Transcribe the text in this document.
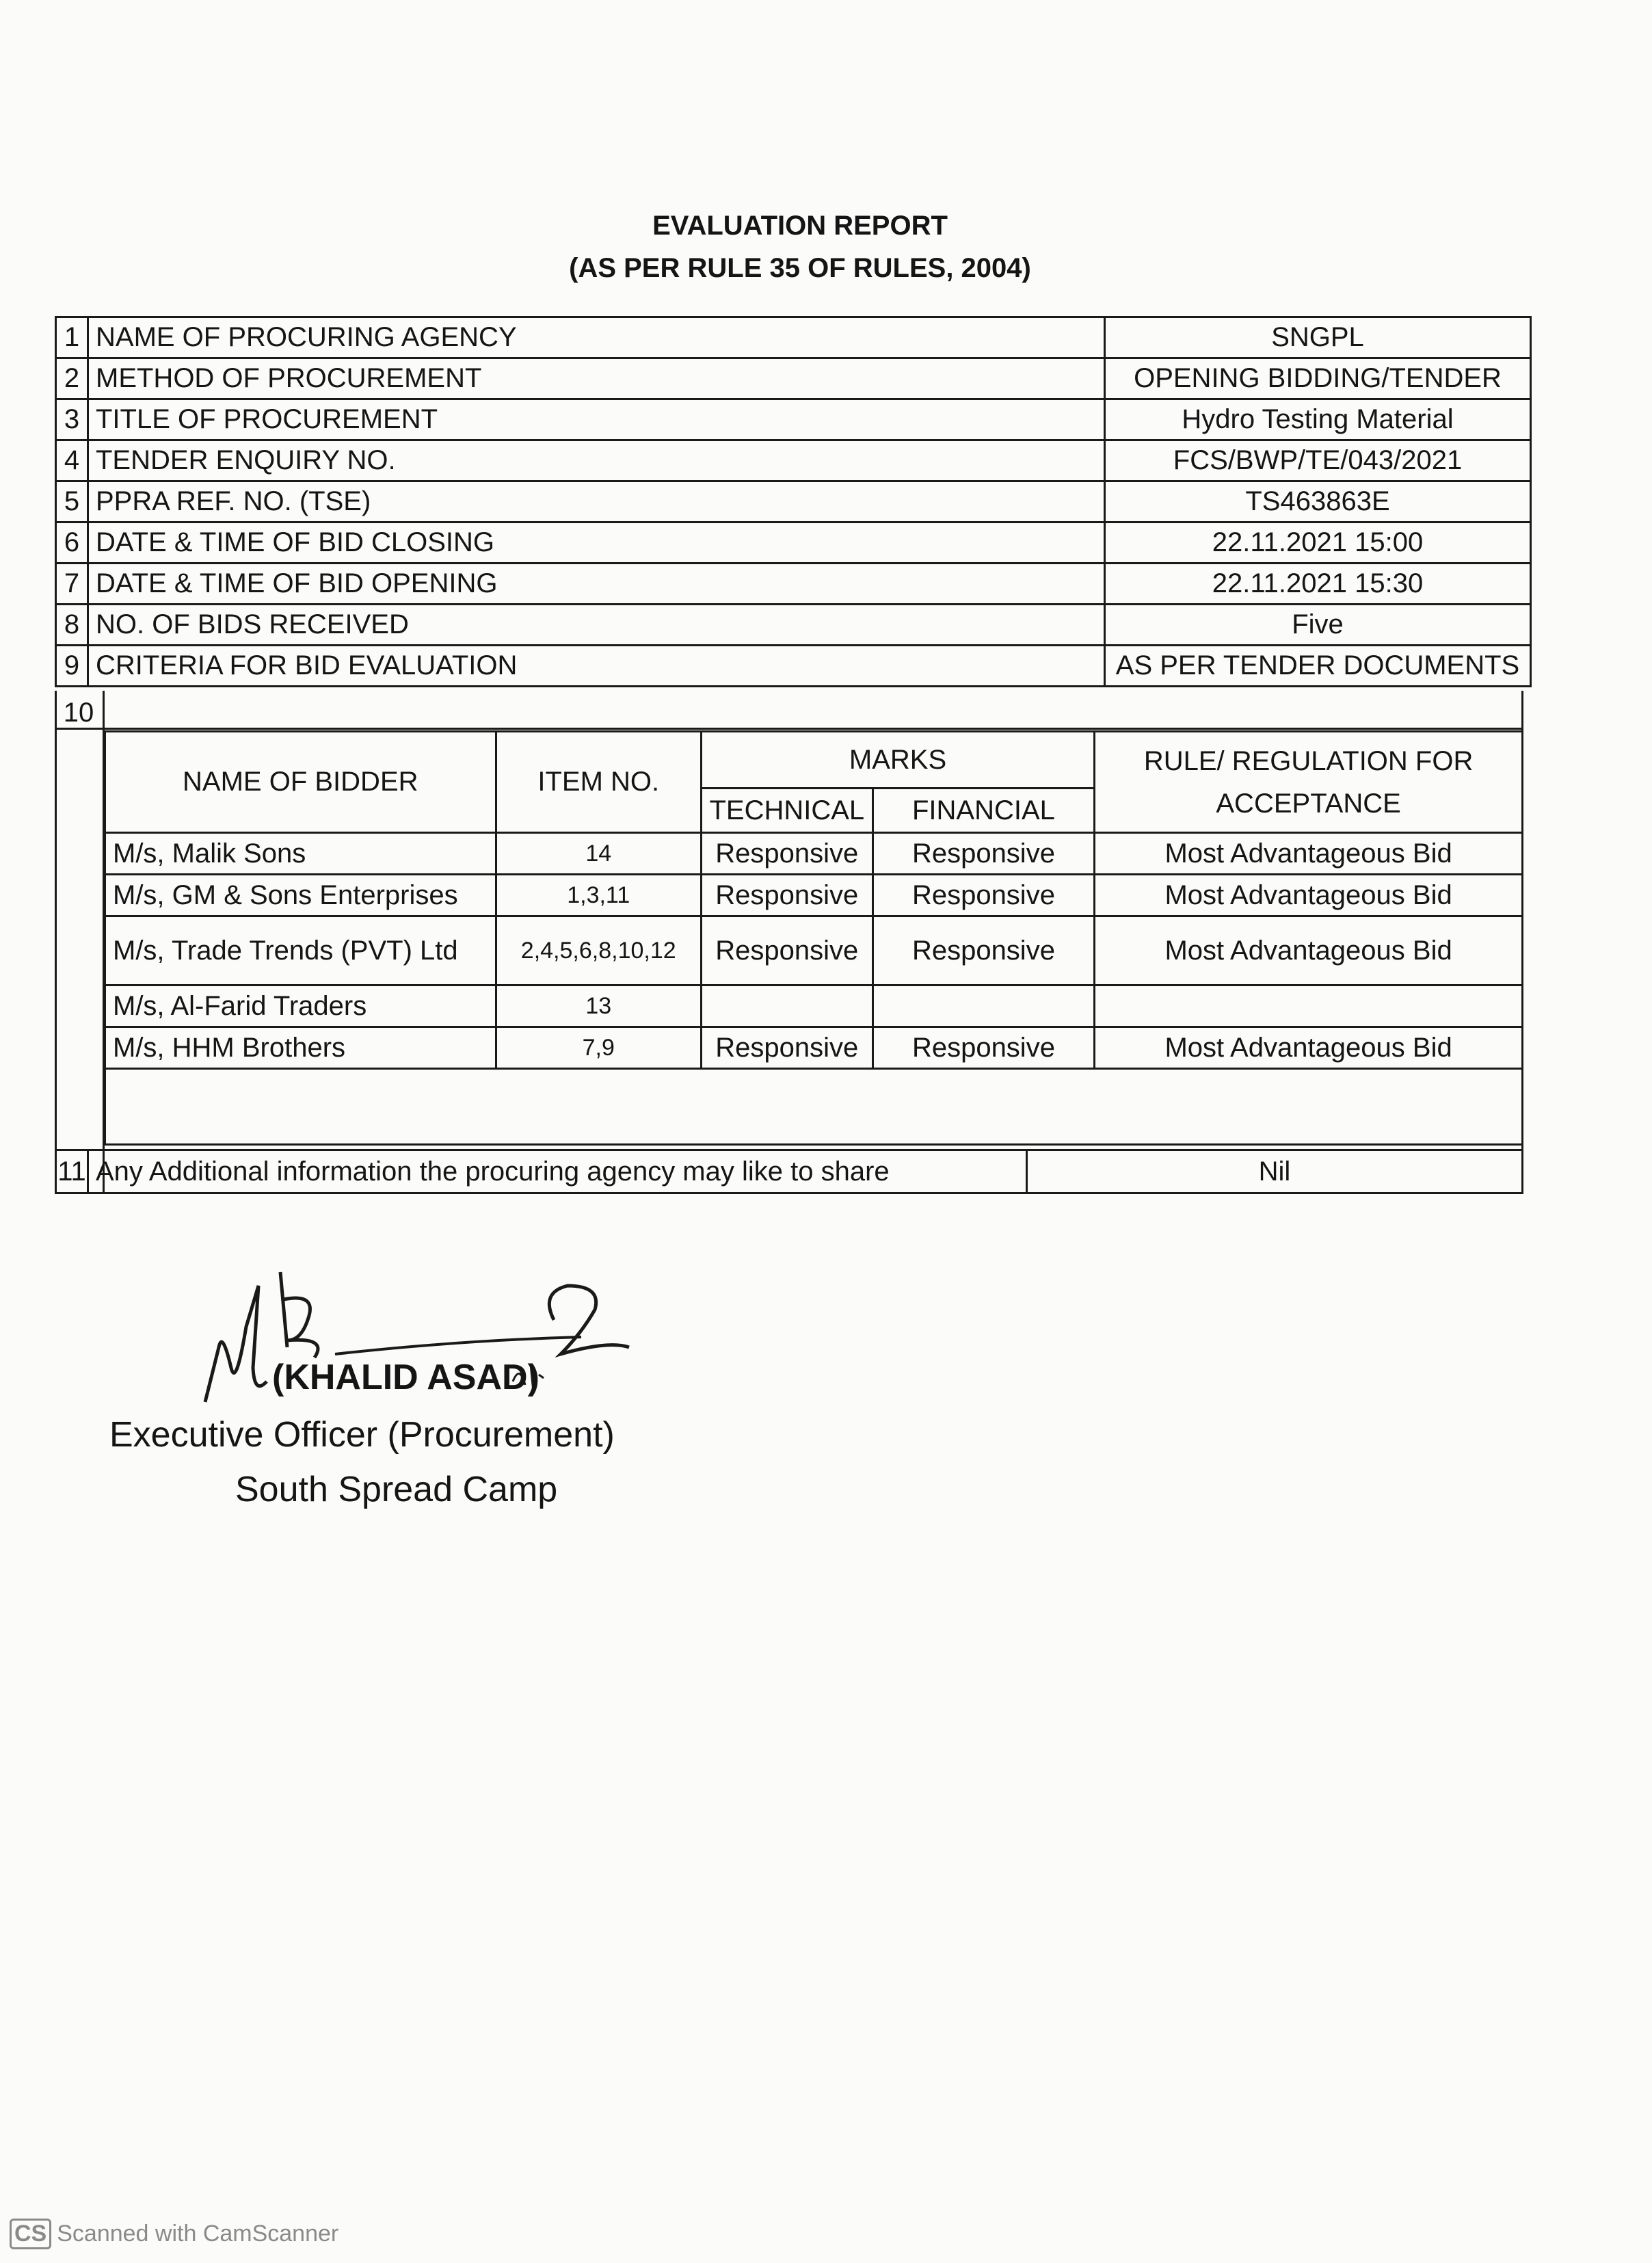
EVALUATION REPORT
(AS PER RULE 35 OF RULES, 2004)
1	NAME OF PROCURING AGENCY	SNGPL
2	METHOD OF PROCUREMENT	OPENING BIDDING/TENDER
3	TITLE OF PROCUREMENT	Hydro Testing Material
4	TENDER ENQUIRY NO.	FCS/BWP/TE/043/2021
5	PPRA REF. NO. (TSE)	TS463863E
6	DATE & TIME OF BID CLOSING	22.11.2021 15:00
7	DATE & TIME OF BID OPENING	22.11.2021 15:30
8	NO. OF BIDS RECEIVED	Five
9	CRITERIA FOR BID EVALUATION	AS PER TENDER DOCUMENTS
10
NAME OF BIDDER	ITEM NO.	MARKS		RULE/ REGULATION FOR ACCEPTANCE
		TECHNICAL	FINANCIAL	
M/s, Malik Sons	14	Responsive	Responsive	Most Advantageous Bid
M/s, GM & Sons Enterprises	1,3,11	Responsive	Responsive	Most Advantageous Bid
M/s, Trade Trends (PVT) Ltd	2,4,5,6,8,10,12	Responsive	Responsive	Most Advantageous Bid
M/s, Al-Farid Traders	13			
M/s, HHM Brothers	7,9	Responsive	Responsive	Most Advantageous Bid

11	Any Additional information the procuring agency may like to share	Nil
(KHALID ASAD)
Executive Officer (Procurement)
South Spread Camp
CS Scanned with CamScanner
